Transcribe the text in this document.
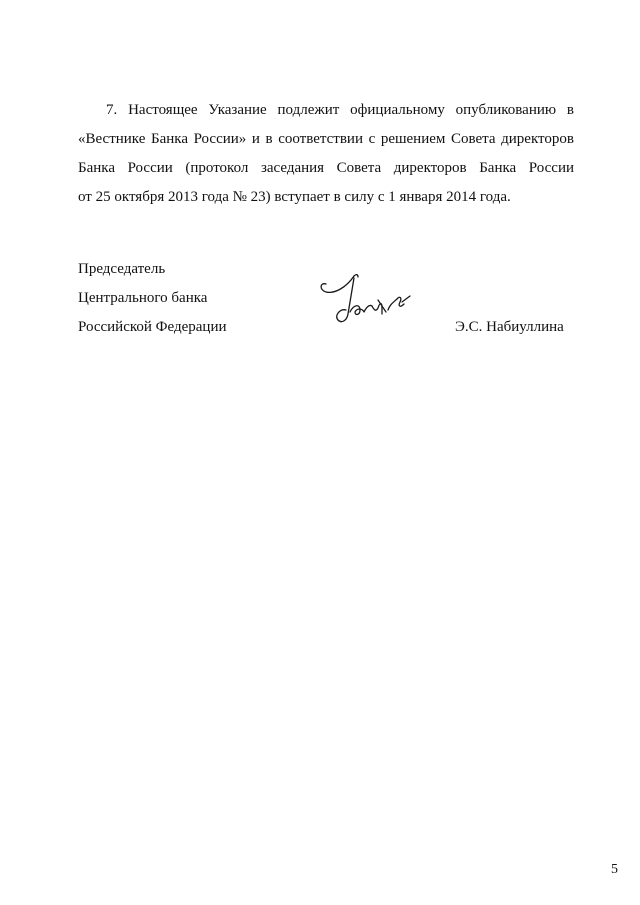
7. Настоящее Указание подлежит официальному опубликованию в
«Вестнике Банка России» и в соответствии с решением Совета директоров
Банка России (протокол заседания Совета директоров Банка России
от 25 октября 2013 года № 23) вступает в силу с 1 января 2014 года.
Председатель
Центрального банка
Российской Федерации	Э.С. Набиуллина
5
